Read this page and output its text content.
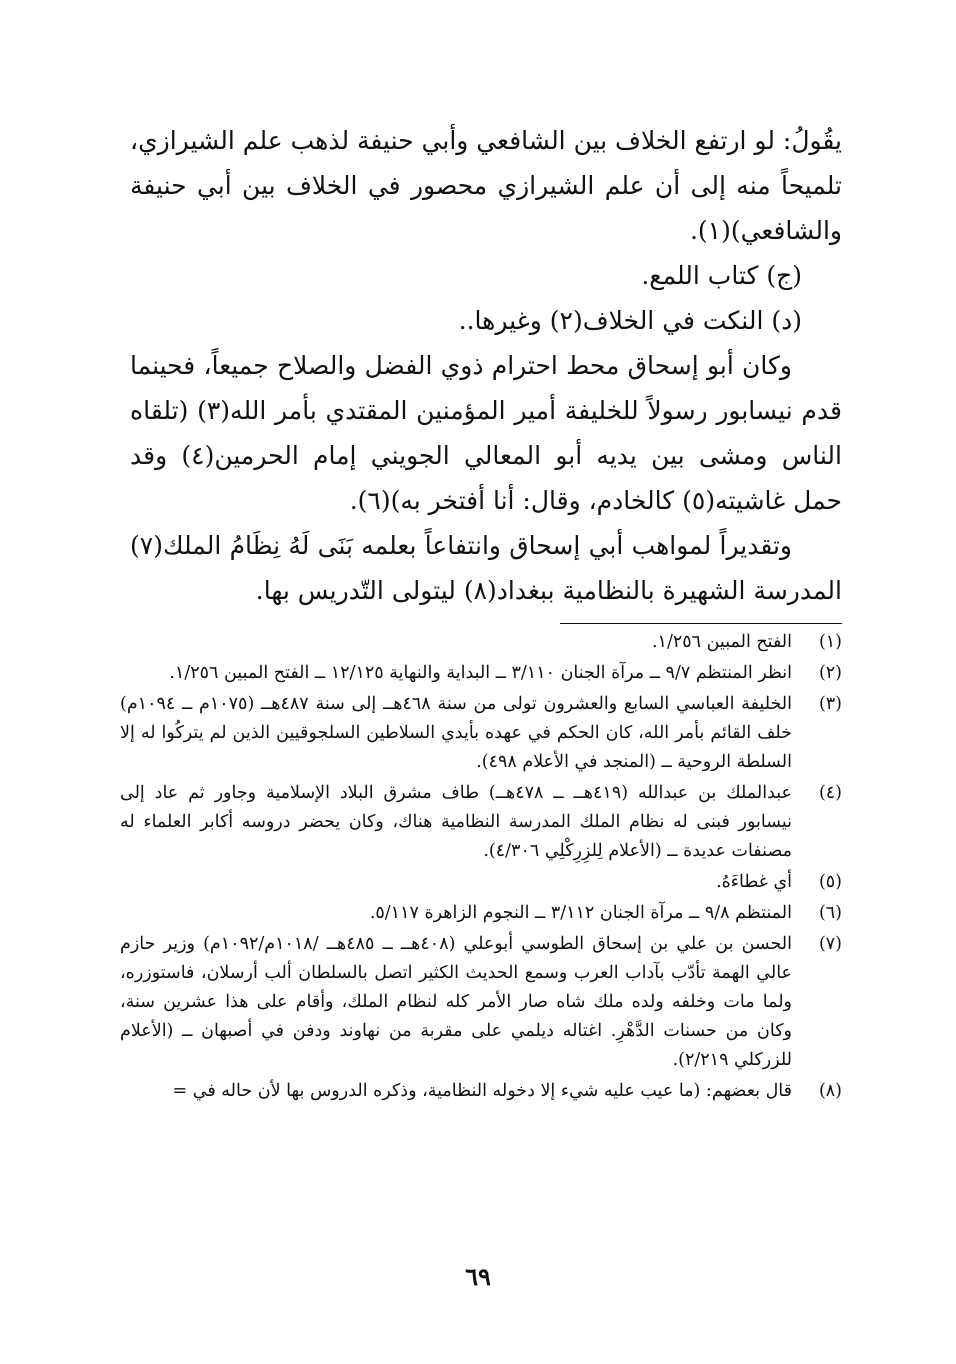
يقُولُ: لو ارتفع الخلاف بين الشافعي وأبي حنيفة لذهب علم الشيرازي، تلميحاً منه إلى أن علم الشيرازي محصور في الخلاف بين أبي حنيفة والشافعي)(١).

(ج) كتاب اللمع.

(د) النكت في الخلاف(٢) وغيرها..

وكان أبو إسحاق محط احترام ذوي الفضل والصلاح جميعاً، فحينما قدم نيسابور رسولاً للخليفة أمير المؤمنين المقتدي بأمر الله(٣) (تلقاه الناس ومشى بين يديه أبو المعالي الجويني إمام الحرمين(٤) وقد حمل غاشيته(٥) كالخادم، وقال: أنا أفتخر به)(٦).

وتقديراً لمواهب أبي إسحاق وانتفاعاً بعلمه بَنَى لَهُ نِظَامُ الملك(٧) المدرسة الشهيرة بالنظامية ببغداد(٨) ليتولى التّدريس بها.

(١)
الفتح المبين ١/٢٥٦.
(٢)
انظر المنتظم ٩/٧ ــ مرآة الجنان ٣/١١٠ ــ البداية والنهاية ١٢/١٢٥ ــ الفتح المبين ١/٢٥٦.
(٣)
الخليفة العباسي السابع والعشرون تولى من سنة ٤٦٨هــ إلى سنة ٤٨٧هــ (١٠٧٥م ــ ١٠٩٤م) خلف القائم بأمر الله، كان الحكم في عهده بأيدي السلاطين السلجوقيين الذين لم يتركُوا له إلا السلطة الروحية ــ (المنجد في الأعلام ٤٩٨).
(٤)
عبدالملك بن عبدالله (٤١٩هــ ــ ٤٧٨هــ) طاف مشرق البلاد الإسلامية وجاور ثم عاد إلى نيسابور فبنى له نظام الملك المدرسة النظامية هناك، وكان يحضر دروسه أكابر العلماء له مصنفات عديدة ــ (الأعلام لِلزِرِكْلِي ٤/٣٠٦).
(٥)
أي غطاءَهُ.
(٦)
المنتظم ٩/٨ ــ مرآة الجنان ٣/١١٢ ــ النجوم الزاهرة ٥/١١٧.
(٧)
الحسن بن علي بن إسحاق الطوسي أبوعلي (٤٠٨هــ ــ ٤٨٥هــ /١٠١٨م/١٠٩٢م) وزير حازم عالي الهمة تأدّب بآداب العرب وسمع الحديث الكثير اتصل بالسلطان ألب أرسلان، فاستوزره، ولما مات وخلفه ولده ملك شاه صار الأمر كله لنظام الملك، وأقام على هذا عشرين سنة، وكان من حسنات الدَّهْرِ. اغتاله ديلمي على مقربة من نهاوند ودفن في أصبهان ــ (الأعلام للزركلي ٢/٢١٩).
(٨)
قال بعضهم: (ما عيب عليه شيء إلا دخوله النظامية، وذكره الدروس بها لأن حاله في =
٦٩
